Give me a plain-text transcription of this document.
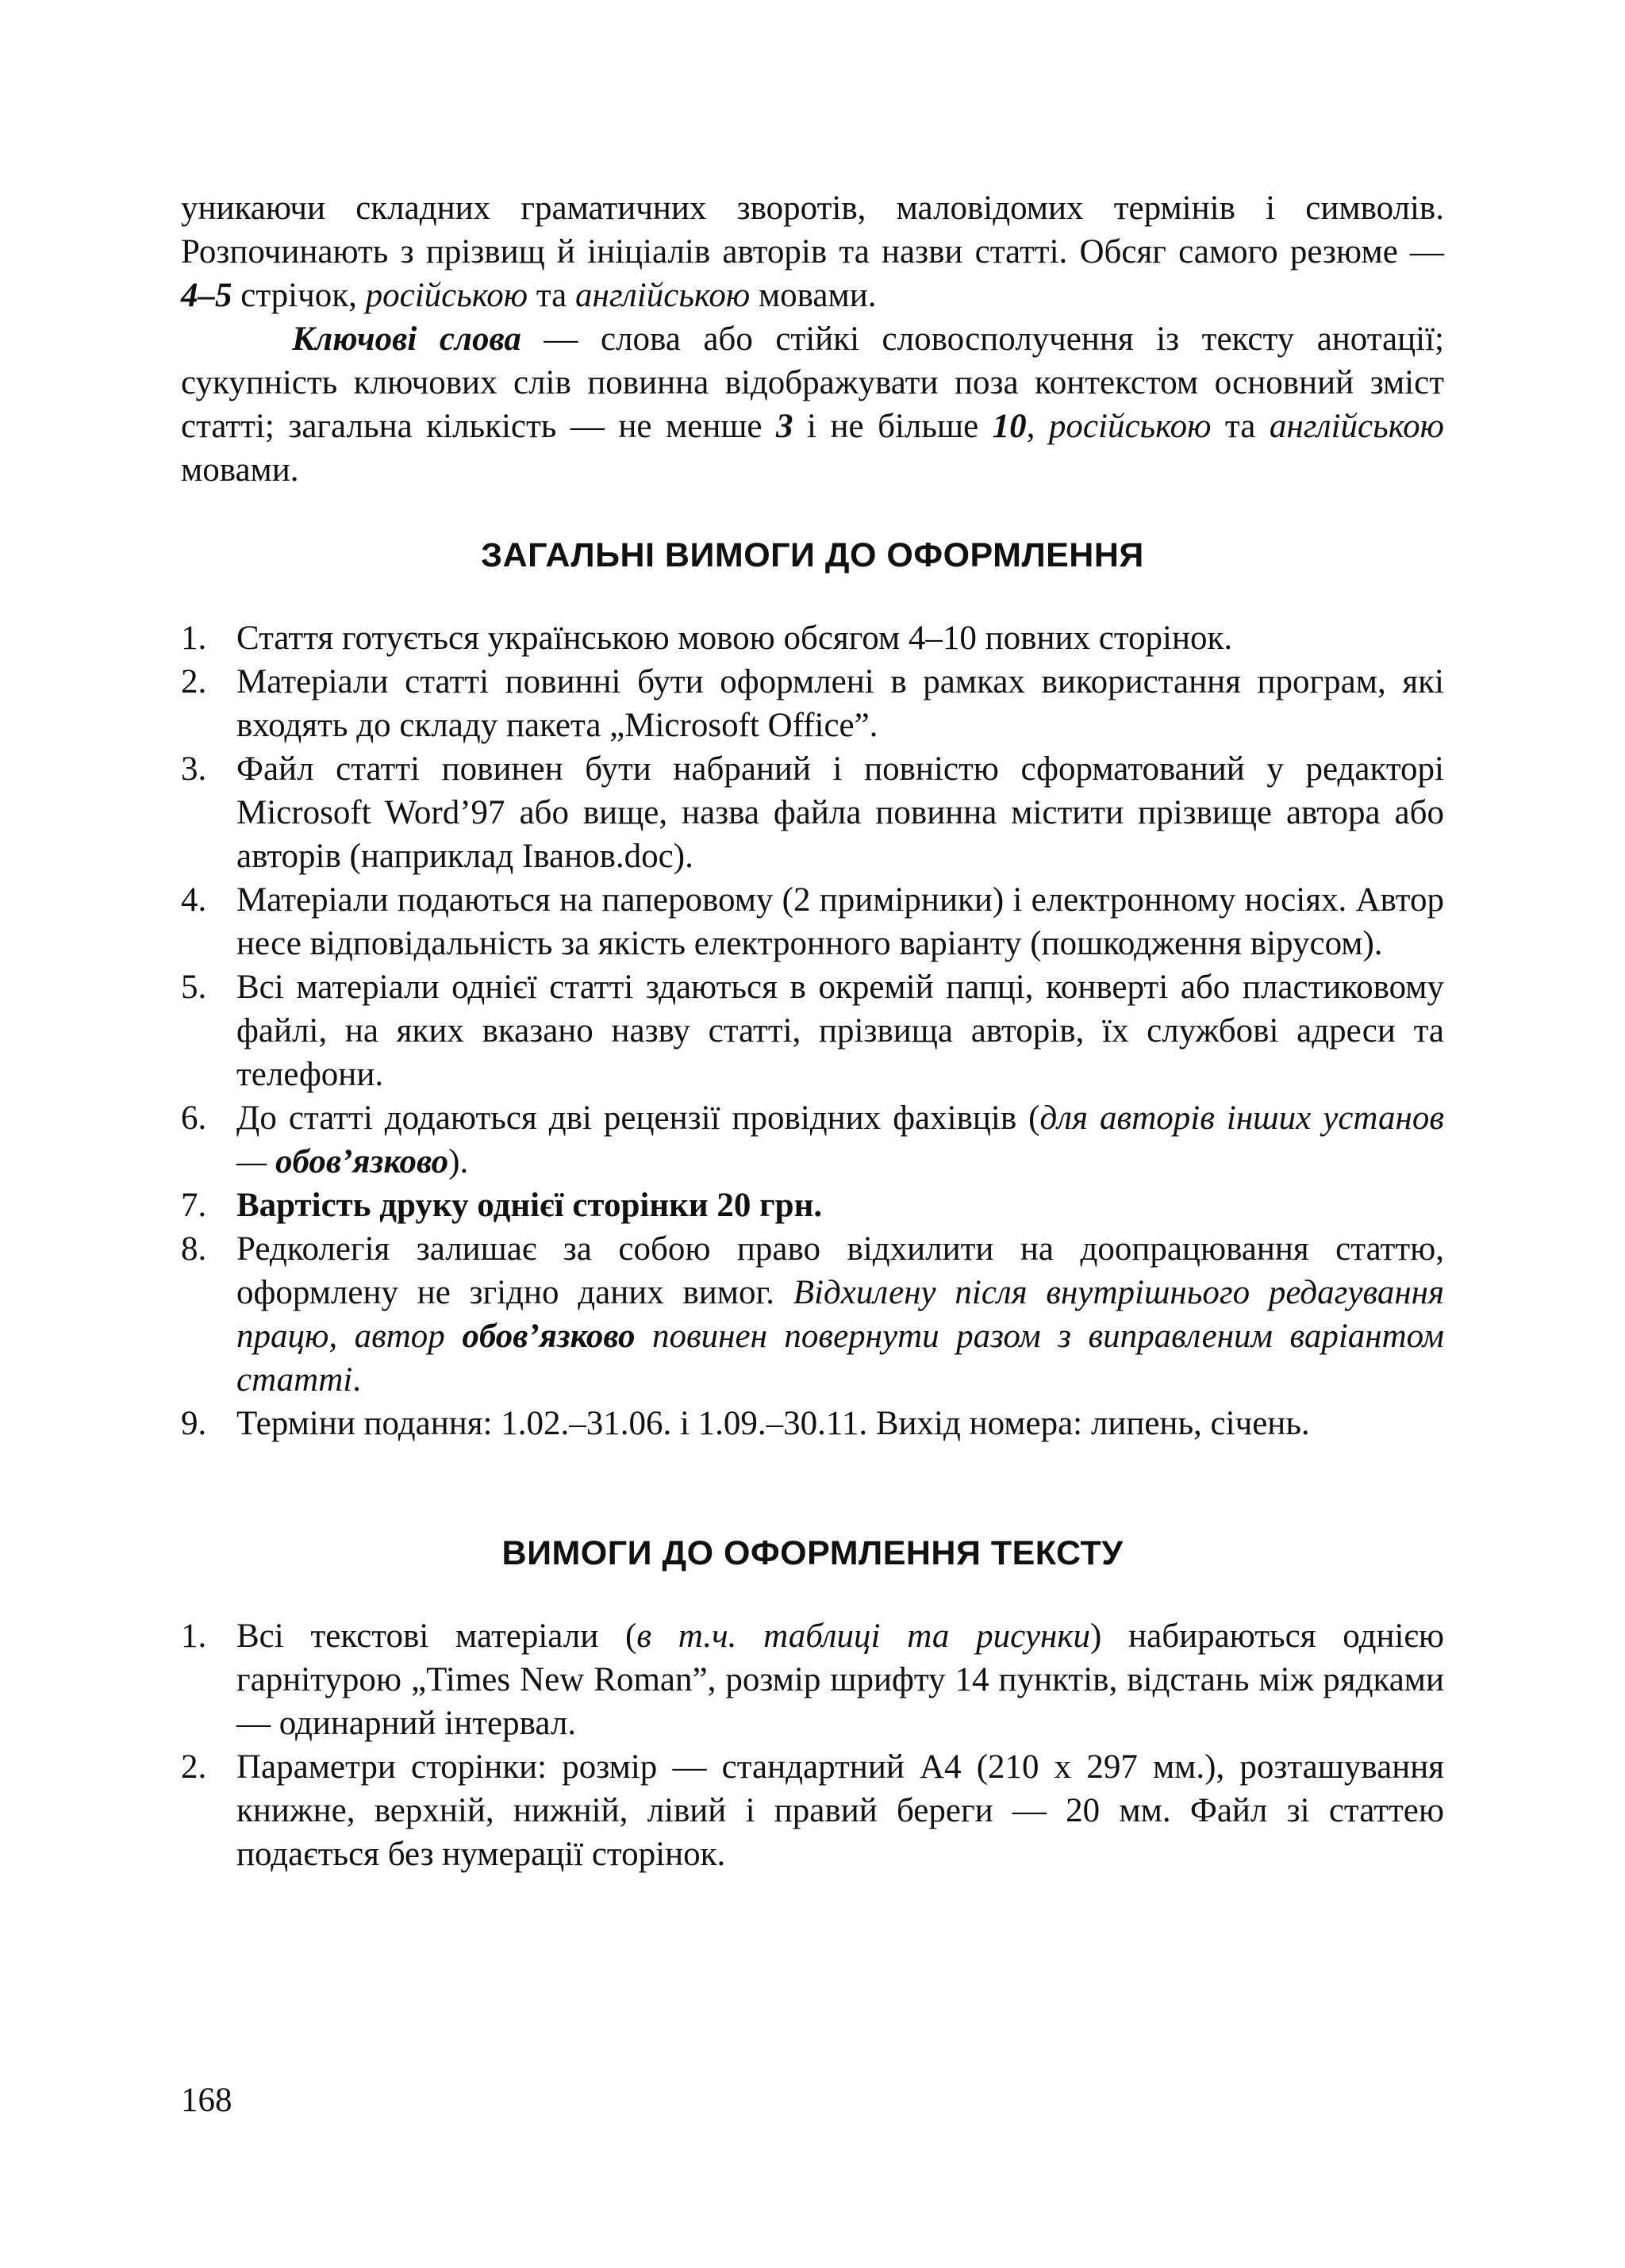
уникаючи складних граматичних зворотів, маловідомих термінів і символів. Розпочинають з прізвищ й ініціалів авторів та назви статті. Обсяг самого резюме — 4–5 стрічок, російською та англійською мовами.

Ключові слова — слова або стійкі словосполучення із тексту анотації; сукупність ключових слів повинна відображувати поза контекстом основний зміст статті; загальна кількість — не менше 3 і не більше 10, російською та англійською мовами.

ЗАГАЛЬНІ ВИМОГИ ДО ОФОРМЛЕННЯ
1. Стаття готується українською мовою обсягом 4–10 повних сторінок.
2. Матеріали статті повинні бути оформлені в рамках використання програм, які входять до складу пакета „Microsoft Office”.
3. Файл статті повинен бути набраний і повністю сформатований у редакторі Microsoft Word’97 або вище, назва файла повинна містити прізвище автора або авторів (наприклад Іванов.doc).
4. Матеріали подаються на паперовому (2 примірники) і електронному носіях. Автор несе відповідальність за якість електронного варіанту (пошкодження вірусом).
5. Всі матеріали однієї статті здаються в окремій папці, конверті або пластиковому файлі, на яких вказано назву статті, прізвища авторів, їх службові адреси та телефони.
6. До статті додаються дві рецензії провідних фахівців (для авторів інших установ — обов’язково).
7. Вартість друку однієї сторінки 20 грн.
8. Редколегія залишає за собою право відхилити на доопрацювання статтю, оформлену не згідно даних вимог. Відхилену після внутрішнього редагування працю, автор обов’язково повинен повернути разом з виправленим варіантом статті.
9. Терміни подання: 1.02.–31.06. і 1.09.–30.11. Вихід номера: липень, січень.
ВИМОГИ ДО ОФОРМЛЕННЯ ТЕКСТУ
1. Всі текстові матеріали (в т.ч. таблиці та рисунки) набираються однією гарнітурою „Times New Roman”, розмір шрифту 14 пунктів, відстань між рядками — одинарний інтервал.
2. Параметри сторінки: розмір — стандартний А4 (210 х 297 мм.), розташування книжне, верхній, нижній, лівий і правий береги — 20 мм. Файл зі статтею подається без нумерації сторінок.
168
